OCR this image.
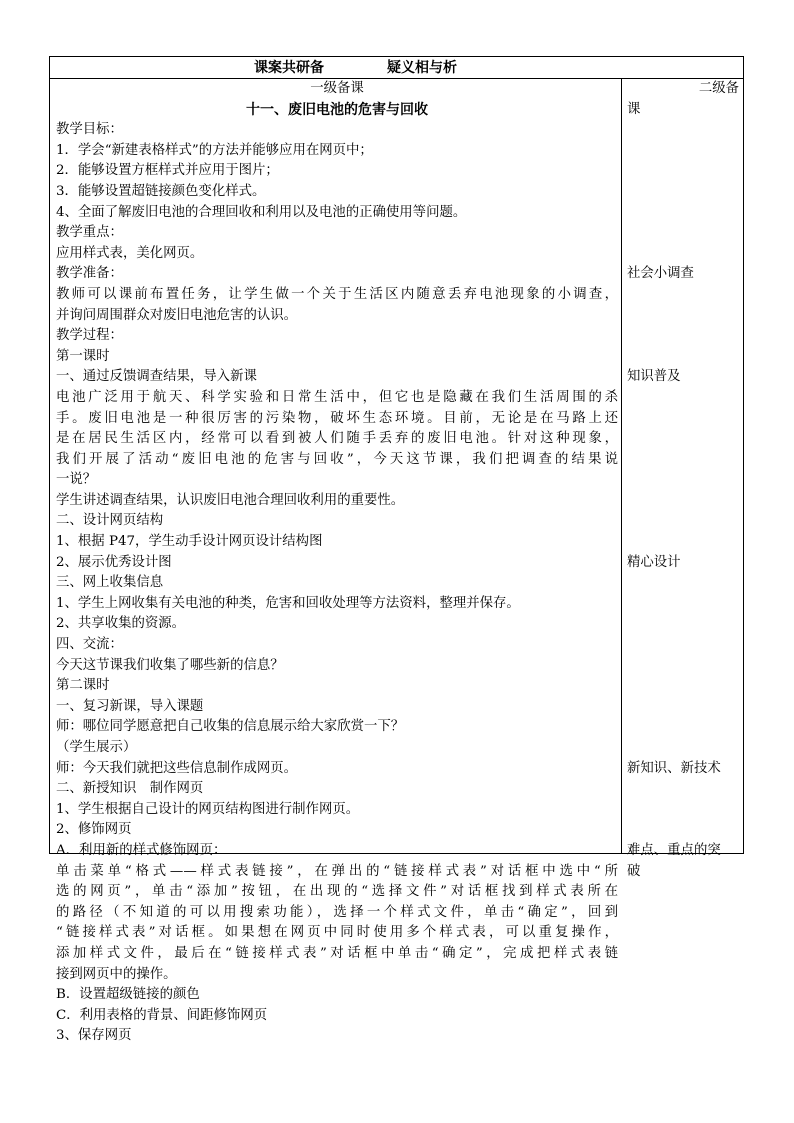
课案共研备	疑义相与析
一级备课
十一、废旧电池的危害与回收
教学目标：
1．学会“新建表格样式”的方法并能够应用在网页中；
2．能够设置方框样式并应用于图片；
3．能够设置超链接颜色变化样式。
4、全面了解废旧电池的合理回收和利用以及电池的正确使用等问题。
教学重点：
应用样式表，美化网页。
教学准备：
教师可以课前布置任务，让学生做一个关于生活区内随意丢弃电池现象的小调查，
并询问周围群众对废旧电池危害的认识。
教学过程：
第一课时
一、通过反馈调查结果，导入新课
电池广泛用于航天、科学实验和日常生活中，但它也是隐藏在我们生活周围的杀
手。废旧电池是一种很厉害的污染物，破坏生态环境。目前，无论是在马路上还
是在居民生活区内，经常可以看到被人们随手丢弃的废旧电池。针对这种现象，
我们开展了活动“废旧电池的危害与回收”，今天这节课，我们把调查的结果说
一说？
学生讲述调查结果，认识废旧电池合理回收利用的重要性。
二、设计网页结构
1、根据 P47，学生动手设计网页设计结构图
2、展示优秀设计图
三、网上收集信息
1、学生上网收集有关电池的种类，危害和回收处理等方法资料，整理并保存。
2、共享收集的资源。
四、交流：
今天这节课我们收集了哪些新的信息？
第二课时
一、复习新课，导入课题
师：哪位同学愿意把自己收集的信息展示给大家欣赏一下？
（学生展示）
师：今天我们就把这些信息制作成网页。
二、新授知识　制作网页
1、学生根据自己设计的网页结构图进行制作网页。
2、修饰网页
A．利用新的样式修饰网页：
单击菜单“格式——样式表链接”，在弹出的“链接样式表”对话框中选中“所
选的网页”，单击“添加”按钮，在出现的“选择文件”对话框找到样式表所在
的路径（不知道的可以用搜索功能），选择一个样式文件，单击“确定”，回到
“链接样式表”对话框。如果想在网页中同时使用多个样式表，可以重复操作，
添加样式文件，最后在“链接样式表”对话框中单击“确定”，完成把样式表链
接到网页中的操作。
B．设置超级链接的颜色
C．利用表格的背景、间距修饰网页
3、保存网页
二级备
课
社会小调查
知识普及
精心设计
新知识、新技术
难点、重点的突
破
